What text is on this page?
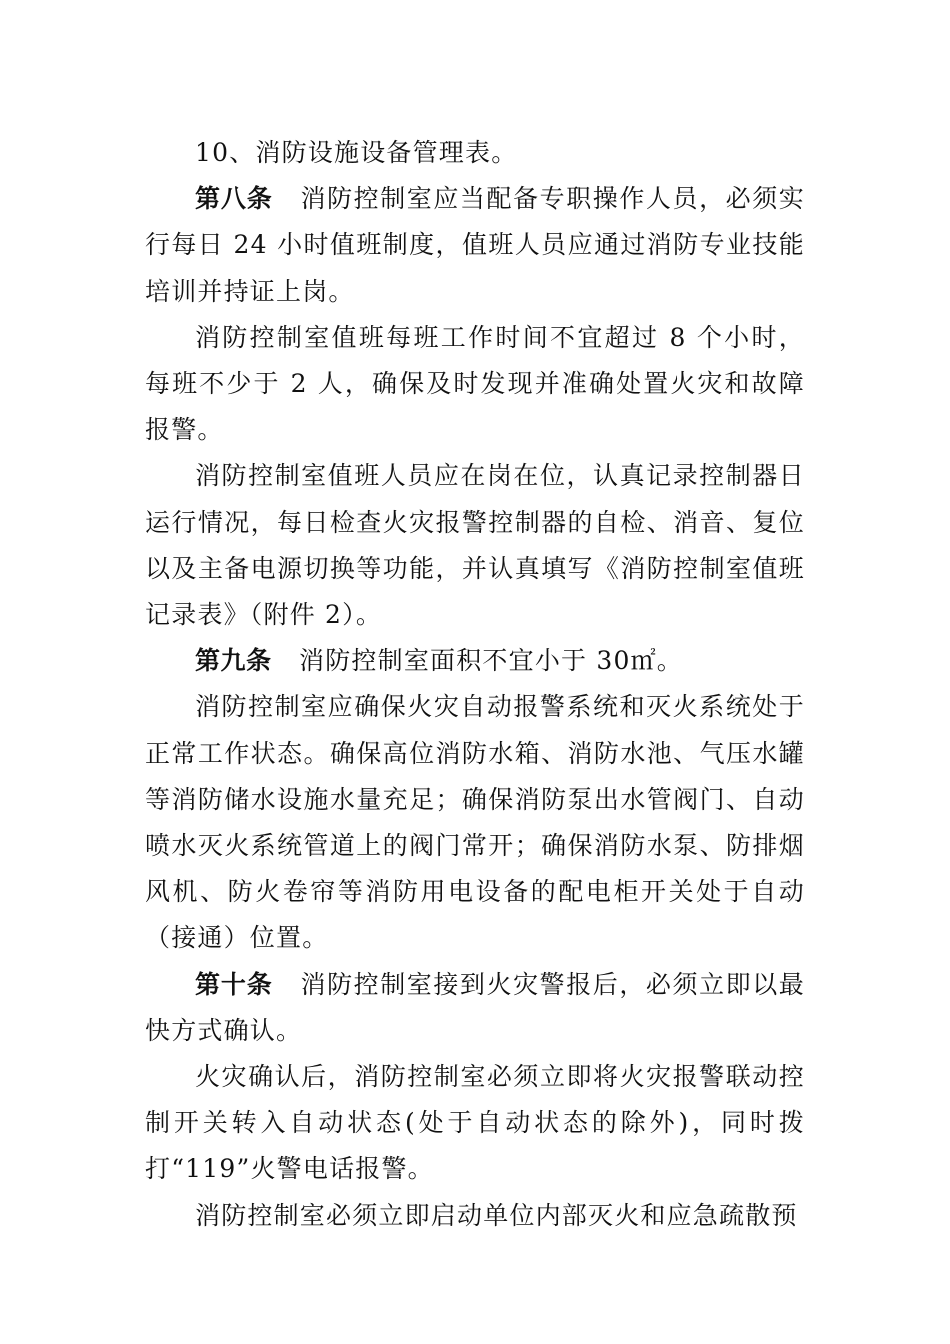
10、消防设施设备管理表。

第八条 消防控制室应当配备专职操作人员，必须实行每日 24 小时值班制度，值班人员应通过消防专业技能培训并持证上岗。

消防控制室值班每班工作时间不宜超过 8 个小时，每班不少于 2 人，确保及时发现并准确处置火灾和故障报警。

消防控制室值班人员应在岗在位，认真记录控制器日运行情况，每日检查火灾报警控制器的自检、消音、复位以及主备电源切换等功能，并认真填写《消防控制室值班记录表》（附件 2）。

第九条 消防控制室面积不宜小于 30㎡。

消防控制室应确保火灾自动报警系统和灭火系统处于正常工作状态。确保高位消防水箱、消防水池、气压水罐等消防储水设施水量充足；确保消防泵出水管阀门、自动喷水灭火系统管道上的阀门常开；确保消防水泵、防排烟风机、防火卷帘等消防用电设备的配电柜开关处于自动（接通）位置。

第十条 消防控制室接到火灾警报后，必须立即以最快方式确认。

火灾确认后，消防控制室必须立即将火灾报警联动控制开关转入自动状态(处于自动状态的除外)，同时拨打“119”火警电话报警。

消防控制室必须立即启动单位内部灭火和应急疏散预
